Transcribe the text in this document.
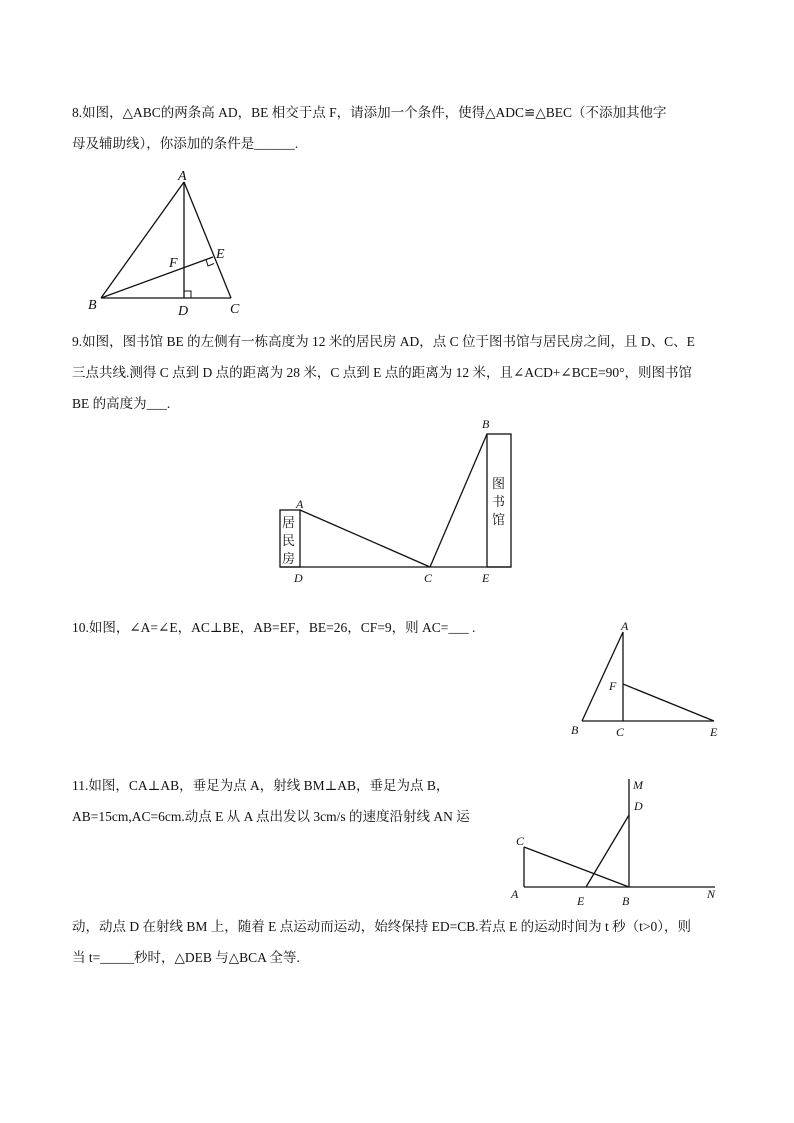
8.如图，△ABC的两条高 AD，BE 相交于点 F，请添加一个条件，使得△ADC≌△BEC（不添加其他字
母及辅助线），你添加的条件是______.
A
B	C
D
E
F
9.如图，图书馆 BE 的左侧有一栋高度为 12 米的居民房 AD，点 C 位于图书馆与居民房之间，且 D、C、E
三点共线.测得 C 点到 D 点的距离为 28 米，C 点到 E 点的距离为 12 米，且∠ACD+∠BCE=90°，则图书馆
BE 的高度为___.
居
民
房
图
书
馆
A
B
C
D	E
10.如图，∠A=∠E，AC⊥BE，AB=EF，BE=26，CF=9，则 AC=___ .	A
B	C	E
F
11.如图，CA⊥AB，垂足为点 A，射线 BM⊥AB，垂足为点 B，
AB=15cm,AC=6cm.动点 E 从 A 点出发以 3cm/s 的速度沿射线 AN 运
M
D
C
A	E	B	N
动，动点 D 在射线 BM 上，随着 E 点运动而运动，始终保持 ED=CB.若点 E 的运动时间为 t 秒（t>0），则
当 t=_____秒时，△DEB 与△BCA 全等.
